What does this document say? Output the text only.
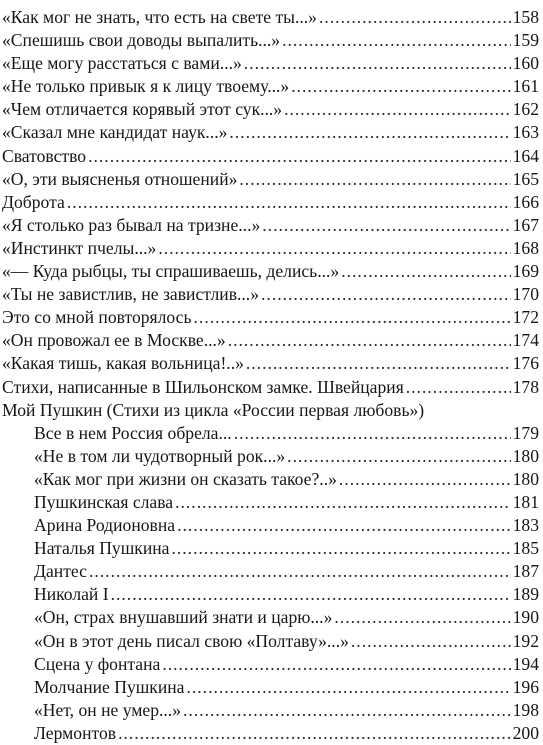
«Как мог не знать, что есть на свете ты...» .....	158
«Спешишь свои доводы выпалить...» .....	159
«Еще могу расстаться с вами...» .....	160
«Не только привык я к лицу твоему...» .....	161
«Чем отличается корявый этот сук...» .....	162
«Сказал мне кандидат наук...» .....	163
Сватовство .....	164
«О, эти выясненья отношений» .....	165
Доброта .....	166
«Я столько раз бывал на тризне...» .....	167
«Инстинкт пчелы...» .....	168
«— Куда рыбцы, ты спрашиваешь, делись...» .....	169
«Ты не завистлив, не завистлив...» .....	170
Это со мной повторялось .....	172
«Он провожал ее в Москве...» .....	174
«Какая тишь, какая вольница!..» .....	176
Стихи, написанные в Шильонском замке. Швейцария .....	178
Мой Пушкин (Стихи из цикла «России первая любовь»)
Все в нем Россия обрела... .....	179
«Не в том ли чудотворный рок...» .....	180
«Как мог при жизни он сказать такое?..» .....	180
Пушкинская слава .....	181
Арина Родионовна .....	183
Наталья Пушкина .....	185
Дантес .....	187
Николай I .....	189
«Он, страх внушавший знати и царю...» .....	190
«Он в этот день писал свою «Полтаву»...» .....	192
Сцена у фонтана .....	194
Молчание Пушкина .....	196
«Нет, он не умер...» .....	198
Лермонтов .....	200
